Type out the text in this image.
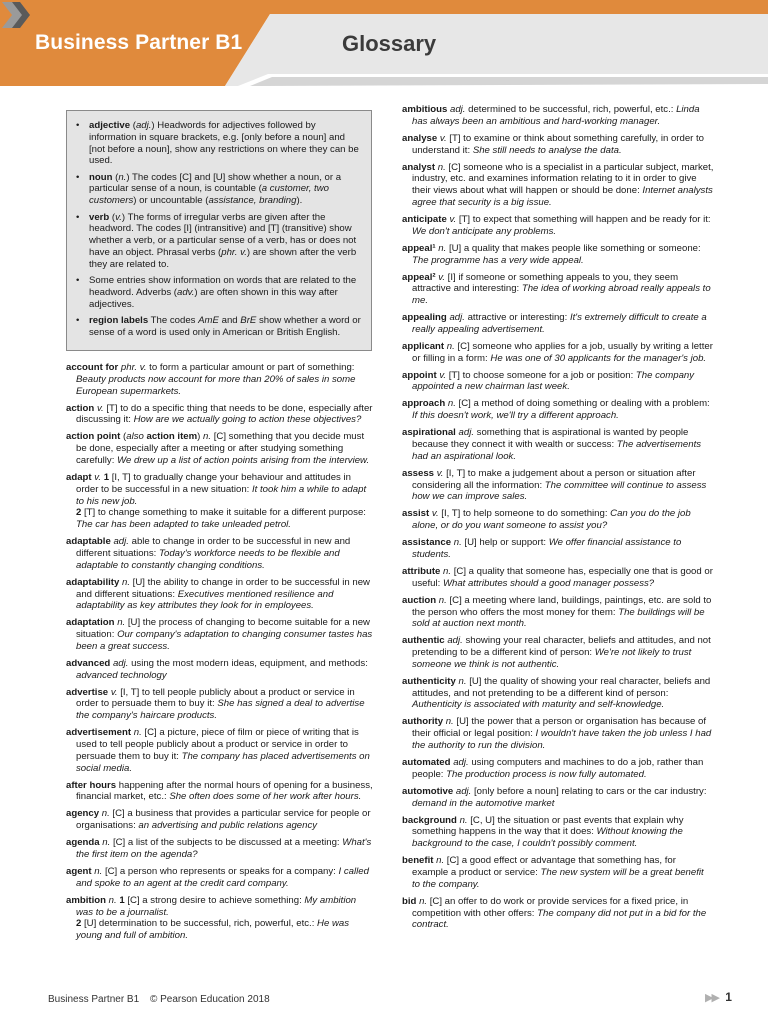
Business Partner B1	Glossary
• adjective (adj.) Headwords for adjectives followed by information in square brackets, e.g. [only before a noun] and [not before a noun], show any restrictions on where they can be used.
• noun (n.) The codes [C] and [U] show whether a noun, or a particular sense of a noun, is countable (a customer, two customers) or uncountable (assistance, branding).
• verb (v.) The forms of irregular verbs are given after the headword. The codes [I] (intransitive) and [T] (transitive) show whether a verb, or a particular sense of a verb, has or does not have an object. Phrasal verbs (phr. v.) are shown after the verb they are related to.
• Some entries show information on words that are related to the headword. Adverbs (adv.) are often shown in this way after adjectives.
• region labels The codes AmE and BrE show whether a word or sense of a word is used only in American or British English.

account for phr. v. to form a particular amount or part of something: Beauty products now account for more than 20% of sales in some European supermarkets.

action v. [T] to do a specific thing that needs to be done, especially after discussing it: How are we actually going to action these objectives?

action point (also action item) n. [C] something that you decide must be done, especially after a meeting or after studying something carefully: We drew up a list of action points arising from the interview.

adapt v. 1 [I, T] to gradually change your behaviour and attitudes in order to be successful in a new situation: It took him a while to adapt to his new job.
2 [T] to change something to make it suitable for a different purpose: The car has been adapted to take unleaded petrol.

adaptable adj. able to change in order to be successful in new and different situations: Today's workforce needs to be flexible and adaptable to constantly changing conditions.

adaptability n. [U] the ability to change in order to be successful in new and different situations: Executives mentioned resilience and adaptability as key attributes they look for in employees.

adaptation n. [U] the process of changing to become suitable for a new situation: Our company's adaptation to changing consumer tastes has been a great success.

advanced adj. using the most modern ideas, equipment, and methods: advanced technology

advertise v. [I, T] to tell people publicly about a product or service in order to persuade them to buy it: She has signed a deal to advertise the company's haircare products.

advertisement n. [C] a picture, piece of film or piece of writing that is used to tell people publicly about a product or service in order to persuade them to buy it: The company has placed advertisements on social media.

after hours happening after the normal hours of opening for a business, financial market, etc.: She often does some of her work after hours.

agency n. [C] a business that provides a particular service for people or organisations: an advertising and public relations agency

agenda n. [C] a list of the subjects to be discussed at a meeting: What's the first item on the agenda?

agent n. [C] a person who represents or speaks for a company: I called and spoke to an agent at the credit card company.

ambition n. 1 [C] a strong desire to achieve something: My ambition was to be a journalist.
2 [U] determination to be successful, rich, powerful, etc.: He was young and full of ambition.

ambitious adj. determined to be successful, rich, powerful, etc.: Linda has always been an ambitious and hard-working manager.

analyse v. [T] to examine or think about something carefully, in order to understand it: She still needs to analyse the data.

analyst n. [C] someone who is a specialist in a particular subject, market, industry, etc. and examines information relating to it in order to give their views about what will happen or should be done: Internet analysts agree that security is a big issue.

anticipate v. [T] to expect that something will happen and be ready for it: We don't anticipate any problems.

appeal¹ n. [U] a quality that makes people like something or someone: The programme has a very wide appeal.

appeal² v. [I] if someone or something appeals to you, they seem attractive and interesting: The idea of working abroad really appeals to me.

appealing adj. attractive or interesting: It's extremely difficult to create a really appealing advertisement.

applicant n. [C] someone who applies for a job, usually by writing a letter or filling in a form: He was one of 30 applicants for the manager's job.

appoint v. [T] to choose someone for a job or position: The company appointed a new chairman last week.

approach n. [C] a method of doing something or dealing with a problem: If this doesn't work, we'll try a different approach.

aspirational adj. something that is aspirational is wanted by people because they connect it with wealth or success: The advertisements had an aspirational look.

assess v. [I, T] to make a judgement about a person or situation after considering all the information: The committee will continue to assess how we can improve sales.

assist v. [I, T] to help someone to do something: Can you do the job alone, or do you want someone to assist you?

assistance n. [U] help or support: We offer financial assistance to students.

attribute n. [C] a quality that someone has, especially one that is good or useful: What attributes should a good manager possess?

auction n. [C] a meeting where land, buildings, paintings, etc. are sold to the person who offers the most money for them: The buildings will be sold at auction next month.

authentic adj. showing your real character, beliefs and attitudes, and not pretending to be a different kind of person: We're not likely to trust someone we think is not authentic.

authenticity n. [U] the quality of showing your real character, beliefs and attitudes, and not pretending to be a different kind of person: Authenticity is associated with maturity and self-knowledge.

authority n. [U] the power that a person or organisation has because of their official or legal position: I wouldn't have taken the job unless I had the authority to run the division.

automated adj. using computers and machines to do a job, rather than people: The production process is now fully automated.

automotive adj. [only before a noun] relating to cars or the car industry: demand in the automotive market

background n. [C, U] the situation or past events that explain why something happens in the way that it does: Without knowing the background to the case, I couldn't possibly comment.

benefit n. [C] a good effect or advantage that something has, for example a product or service: The new system will be a great benefit to the company.

bid n. [C] an offer to do work or provide services for a fixed price, in competition with other offers: The company did not put in a bid for the contract.

Business Partner B1 © Pearson Education 2018	▶▶ 1
